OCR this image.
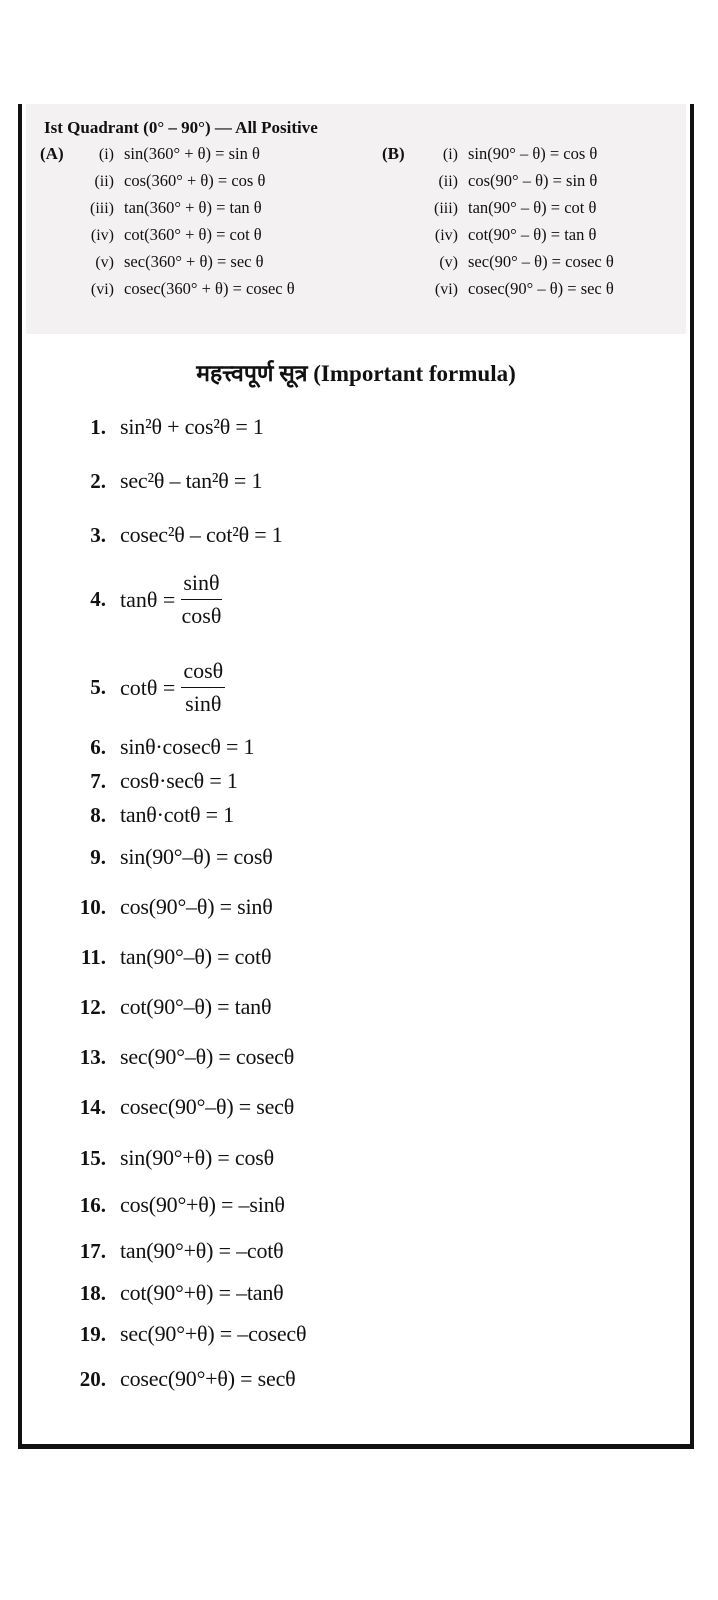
Ist Quadrant (0° – 90°) — All Positive
(A)	(i) sin(360° + θ) = sin θ
(ii) cos(360° + θ) = cos θ
(iii) tan(360° + θ) = tan θ
(iv) cot(360° + θ) = cot θ
(v) sec(360° + θ) = sec θ
(vi) cosec(360° + θ) = cosec θ
(B)	(i) sin(90° – θ) = cos θ
(ii) cos(90° – θ) = sin θ
(iii) tan(90° – θ) = cot θ
(iv) cot(90° – θ) = tan θ
(v) sec(90° – θ) = cosec θ
(vi) cosec(90° – θ) = sec θ
महत्त्वपूर्ण सूत्र (Important formula)
1. sin²θ + cos²θ = 1
2. sec²θ – tan²θ = 1
3. cosec²θ – cot²θ = 1
4. $\tan\theta = \frac{\sin\theta}{\cos\theta}$
5. $\cot\theta = \frac{\cos\theta}{\sin\theta}$
6. sinθ·cosecθ = 1
7. cosθ·secθ = 1
8. tanθ·cotθ = 1
9. sin(90°–θ) = cosθ
10. cos(90°–θ) = sinθ
11. tan(90°–θ) = cotθ
12. cot(90°–θ) = tanθ
13. sec(90°–θ) = cosecθ
14. cosec(90°–θ) = secθ
15. sin(90°+θ) = cosθ
16. cos(90°+θ) = –sinθ
17. tan(90°+θ) = –cotθ
18. cot(90°+θ) = –tanθ
19. sec(90°+θ) = –cosecθ
20. cosec(90°+θ) = secθ
